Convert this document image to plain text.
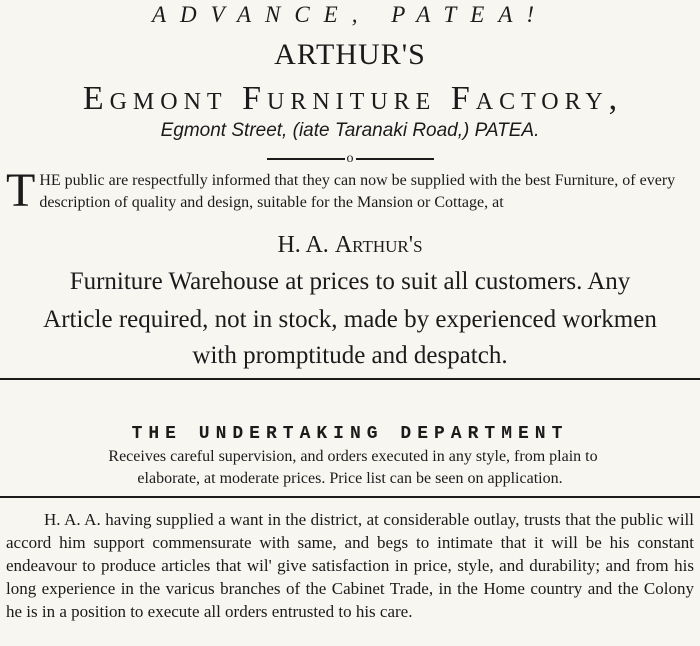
ADVANCE, PATEA!
ARTHUR'S
Egmont Furniture Factory,
Egmont Street, (iate Taranaki Road,) PATEA.
o
T HE public are respectfully informed that they can now be supplied with the best Furniture, of every description of quality and design, suitable for the Mansion or Cottage, at

H. A. Arthur's
Furniture Warehouse at prices to suit all customers. Any
Article required, not in stock, made by experienced workmen
with promptitude and despatch.
THE UNDERTAKING DEPARTMENT
Receives careful supervision, and orders executed in any style, from plain to
elaborate, at moderate prices. Price list can be seen on application.

H. A. A. having supplied a want in the district, at considerable outlay, trusts that the public will accord him support commensurate with same, and begs to intimate that it will be his constant endeavour to produce articles that wil' give satisfaction in price, style, and durability; and from his long experience in the varicus branches of the Cabinet Trade, in the Home country and the Colony he is in a position to execute all orders entrusted to his care.
